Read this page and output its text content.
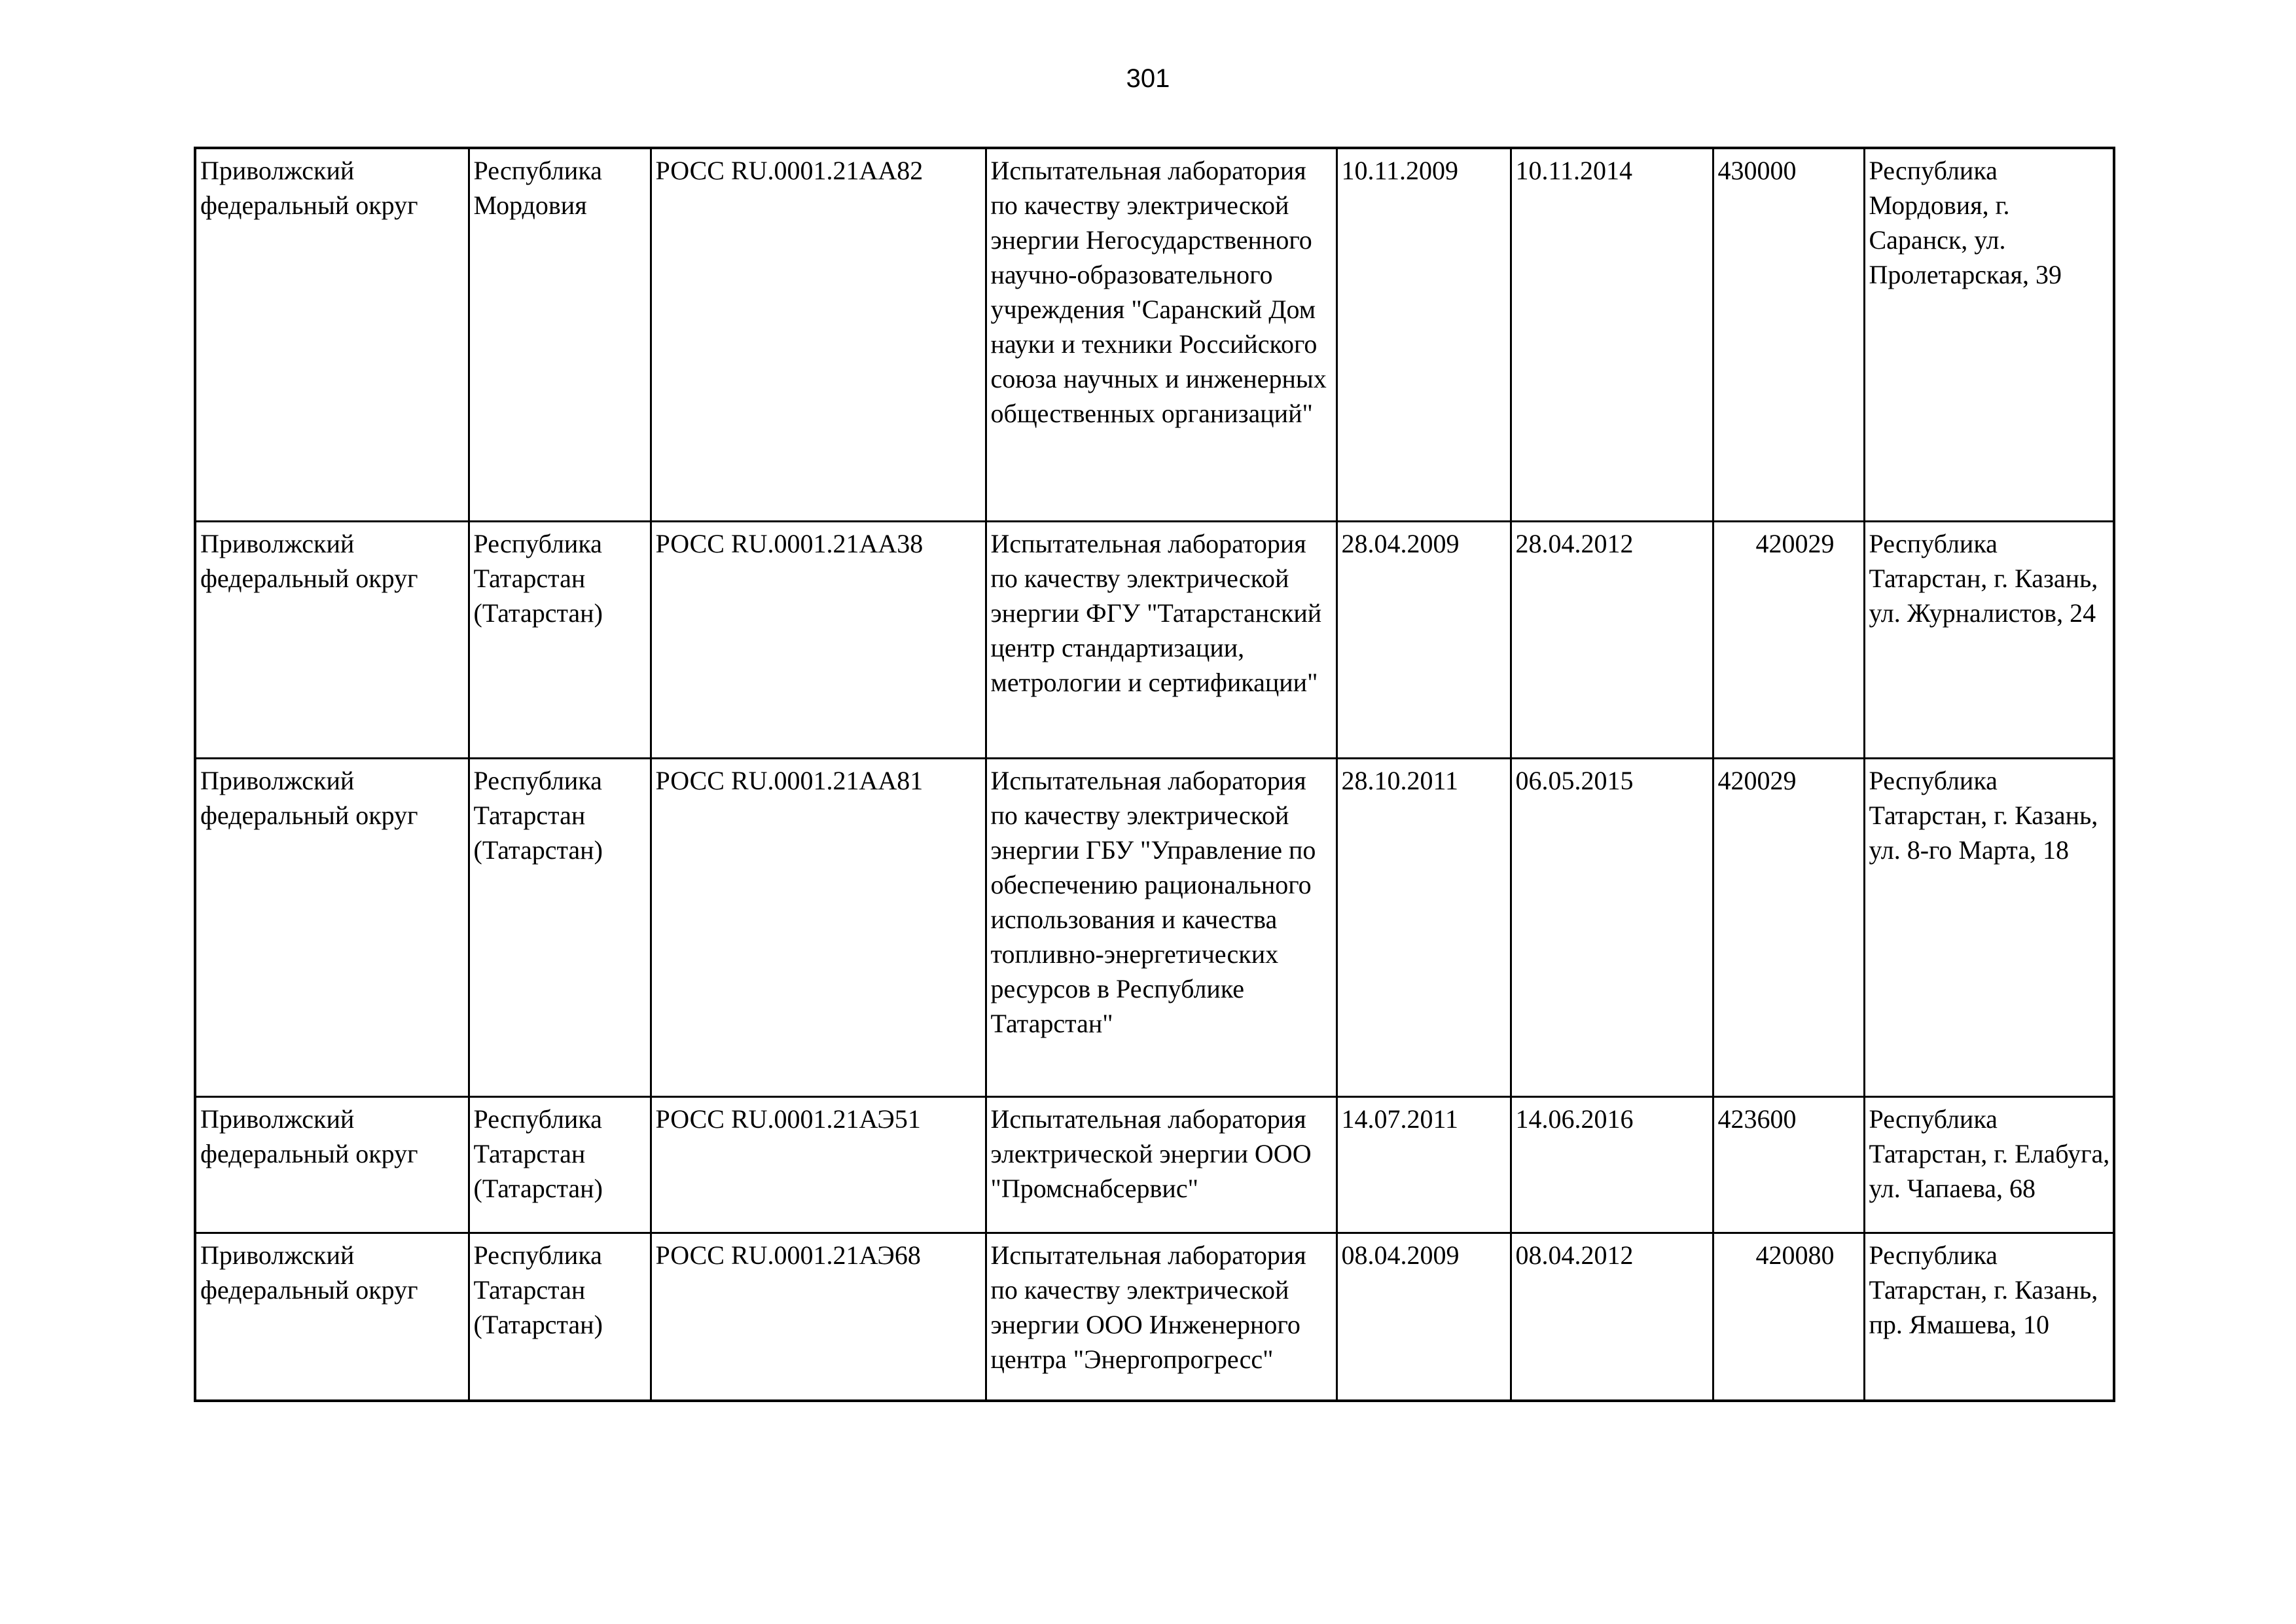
301
Приволжский федеральный округ	Республика Мордовия	РОСС RU.0001.21АА82	Испытательная лаборатория по качеству электрической энергии Негосударственного научно-образовательного учреждения "Саранский Дом науки и техники Российского союза научных и инженерных общественных организаций"	10.11.2009	10.11.2014	430000	Республика Мордовия, г. Саранск, ул. Пролетарская, 39
Приволжский федеральный округ	Республика Татарстан (Татарстан)	РОСС RU.0001.21АА38	Испытательная лаборатория по качеству электрической энергии ФГУ "Татарстанский центр стандартизации, метрологии и сертификации"	28.04.2009	28.04.2012	420029	Республика Татарстан, г. Казань, ул. Журналистов, 24
Приволжский федеральный округ	Республика Татарстан (Татарстан)	РОСС RU.0001.21АА81	Испытательная лаборатория по качеству электрической энергии ГБУ "Управление по обеспечению рационального использования и качества топливно-энергетических ресурсов в Республике Татарстан"	28.10.2011	06.05.2015	420029	Республика Татарстан, г. Казань, ул. 8-го Марта, 18
Приволжский федеральный округ	Республика Татарстан (Татарстан)	РОСС RU.0001.21АЭ51	Испытательная лаборатория электрической энергии ООО "Промснабсервис"	14.07.2011	14.06.2016	423600	Республика Татарстан, г. Елабуга, ул. Чапаева, 68
Приволжский федеральный округ	Республика Татарстан (Татарстан)	РОСС RU.0001.21АЭ68	Испытательная лаборатория по качеству электрической энергии ООО Инженерного центра "Энергопрогресс"	08.04.2009	08.04.2012	420080	Республика Татарстан, г. Казань, пр. Ямашева, 10
